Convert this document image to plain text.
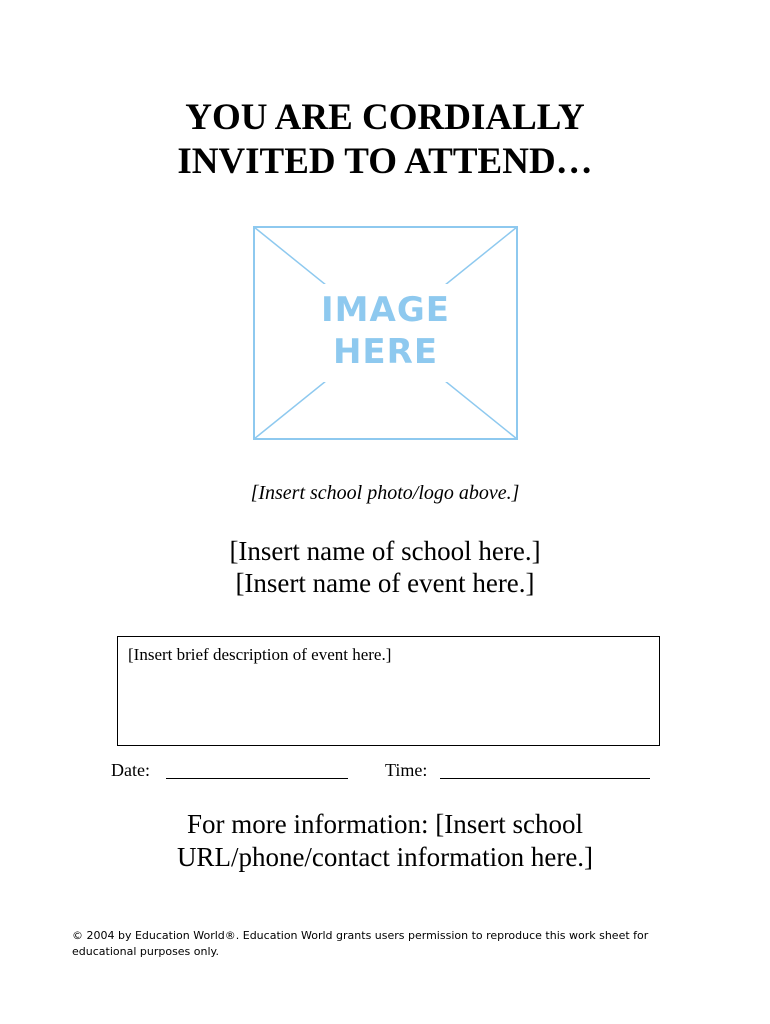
YOU ARE CORDIALLY
INVITED TO ATTEND…
IMAGE
HERE
[Insert school photo/logo above.]
[Insert name of school here.]
[Insert name of event here.]
[Insert brief description of event here.]
Date:	Time:
For more information: [Insert school
URL/phone/contact information here.]
© 2004 by Education World®. Education World grants users permission to reproduce this work sheet for educational purposes only.
